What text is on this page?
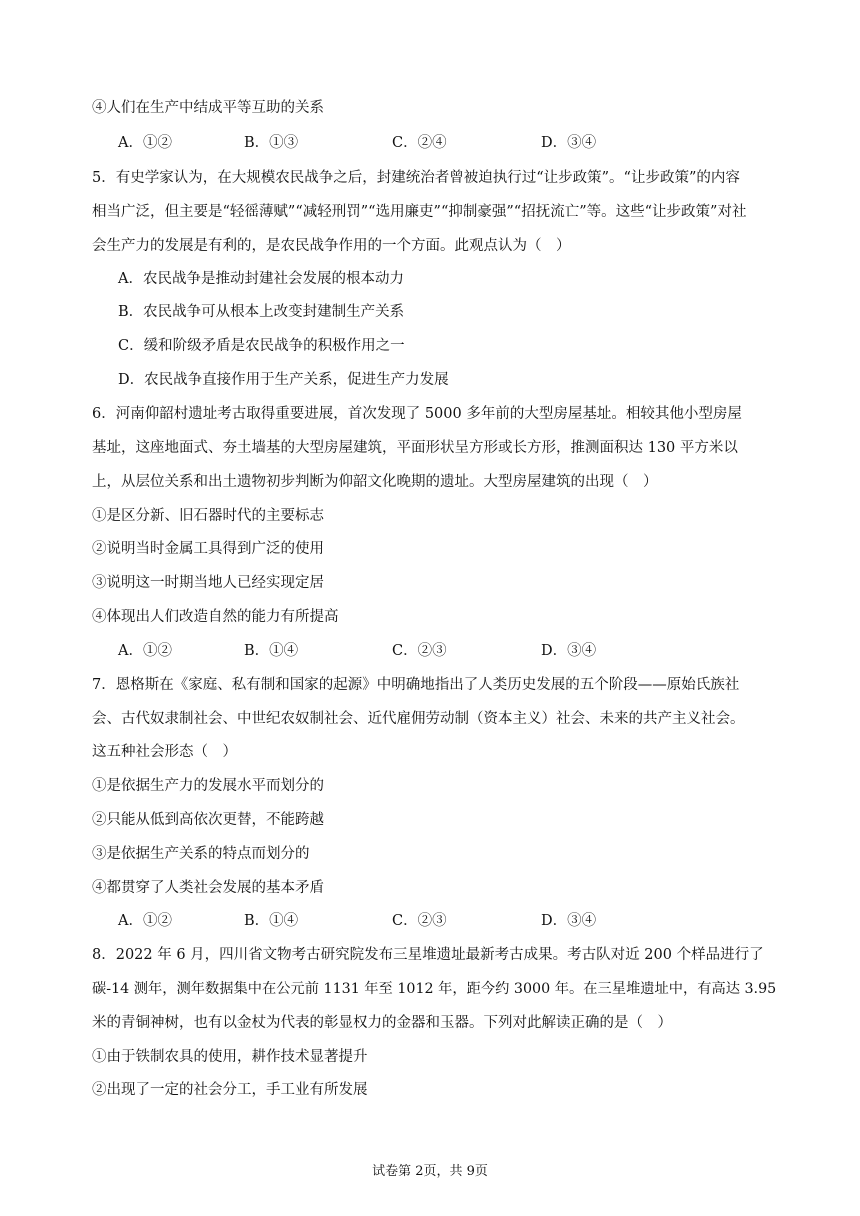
④人们在生产中结成平等互助的关系
A．①②	B．①③	C．②④	D．③④
5．有史学家认为，在大规模农民战争之后，封建统治者曾被迫执行过“让步政策”。“让步政策”的内容
相当广泛，但主要是“轻徭薄赋”“减轻刑罚”“选用廉吏”“抑制豪强”“招抚流亡”等。这些“让步政策”对社
会生产力的发展是有利的，是农民战争作用的一个方面。此观点认为（　）
A．农民战争是推动封建社会发展的根本动力
B．农民战争可从根本上改变封建制生产关系
C．缓和阶级矛盾是农民战争的积极作用之一
D．农民战争直接作用于生产关系，促进生产力发展
6．河南仰韶村遗址考古取得重要进展，首次发现了 5000 多年前的大型房屋基址。相较其他小型房屋
基址，这座地面式、夯土墙基的大型房屋建筑，平面形状呈方形或长方形，推测面积达 130 平方米以
上，从层位关系和出土遗物初步判断为仰韶文化晚期的遗址。大型房屋建筑的出现（　）
①是区分新、旧石器时代的主要标志
②说明当时金属工具得到广泛的使用
③说明这一时期当地人已经实现定居
④体现出人们改造自然的能力有所提高
A．①②	B．①④	C．②③	D．③④
7．恩格斯在《家庭、私有制和国家的起源》中明确地指出了人类历史发展的五个阶段——原始氏族社
会、古代奴隶制社会、中世纪农奴制社会、近代雇佣劳动制（资本主义）社会、未来的共产主义社会。
这五种社会形态（　）
①是依据生产力的发展水平而划分的
②只能从低到高依次更替，不能跨越
③是依据生产关系的特点而划分的
④都贯穿了人类社会发展的基本矛盾
A．①②	B．①④	C．②③	D．③④
8．2022 年 6 月，四川省文物考古研究院发布三星堆遗址最新考古成果。考古队对近 200 个样品进行了
碳-14 测年，测年数据集中在公元前 1131 年至 1012 年，距今约 3000 年。在三星堆遗址中，有高达 3.95
米的青铜神树，也有以金杖为代表的彰显权力的金器和玉器。下列对此解读正确的是（　）
①由于铁制农具的使用，耕作技术显著提升
②出现了一定的社会分工，手工业有所发展
试卷第 2页，共 9页
